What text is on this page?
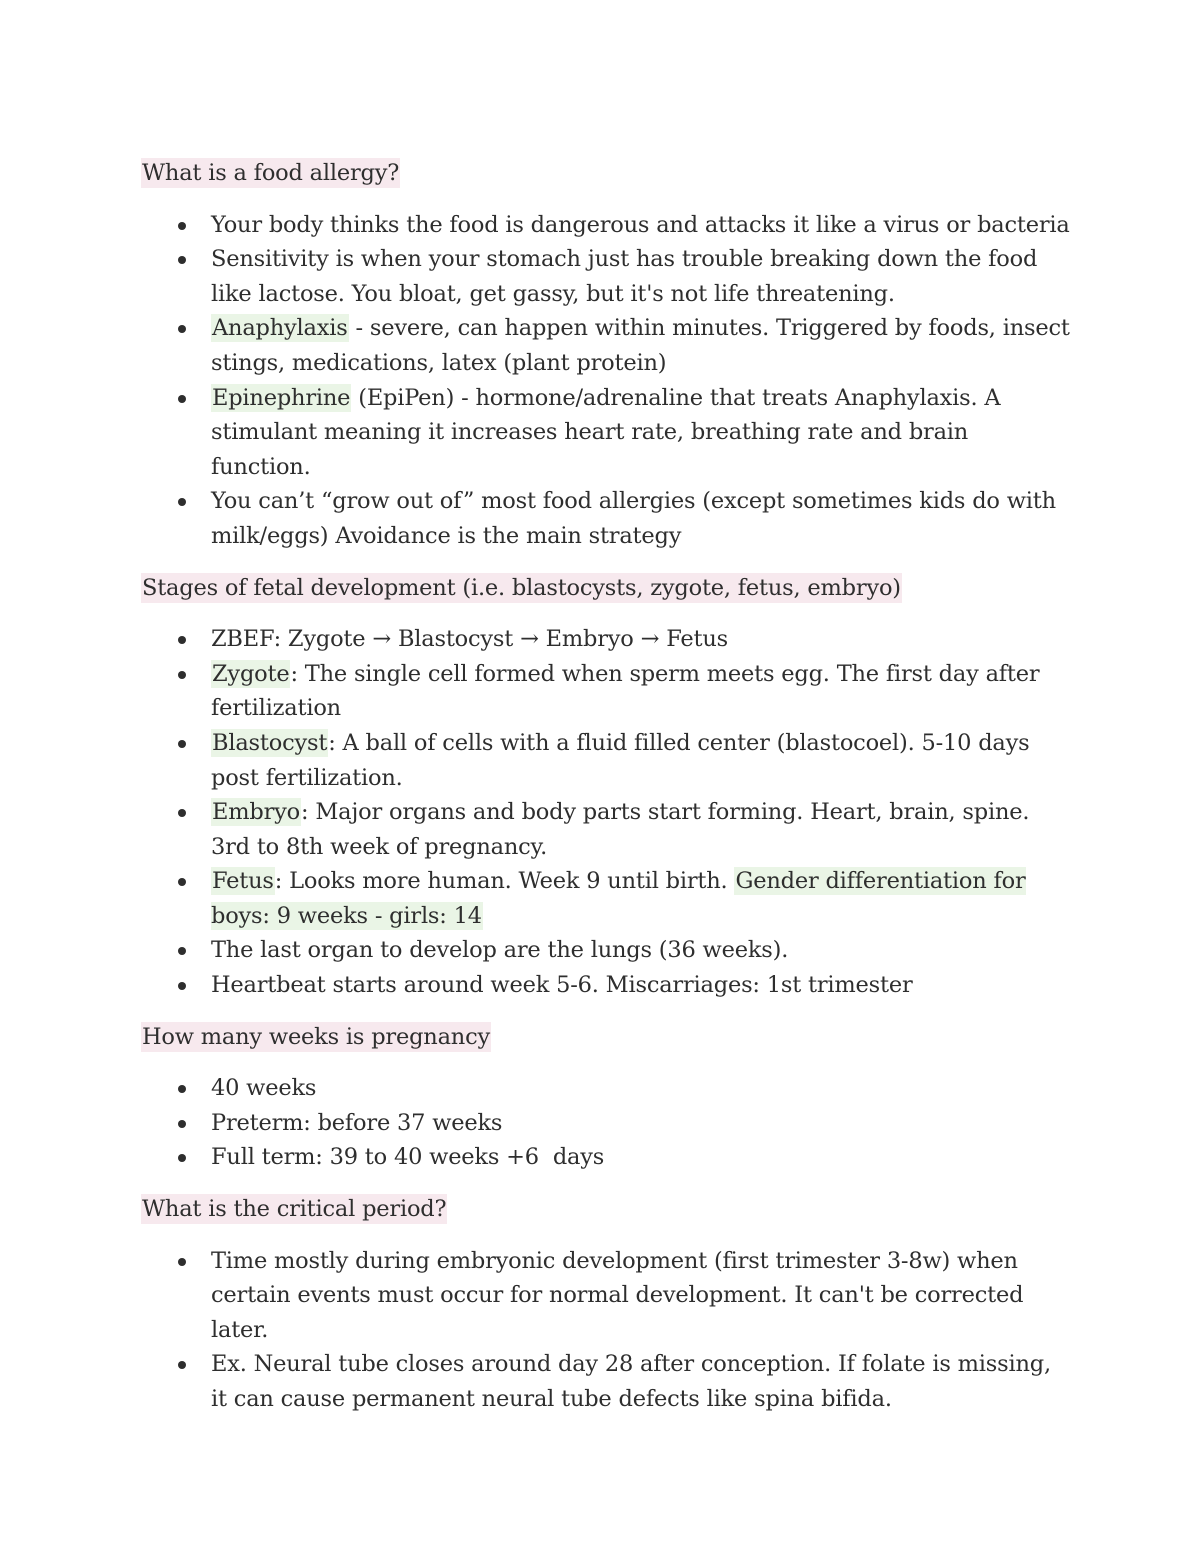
What is a food allergy?
Your body thinks the food is dangerous and attacks it like a virus or bacteria
Sensitivity is when your stomach just has trouble breaking down the food like lactose. You bloat, get gassy, but it's not life threatening.
Anaphylaxis - severe, can happen within minutes. Triggered by foods, insect stings, medications, latex (plant protein)
Epinephrine (EpiPen) - hormone/adrenaline that treats Anaphylaxis. A stimulant meaning it increases heart rate, breathing rate and brain function.
You can’t “grow out of” most food allergies (except sometimes kids do with milk/eggs) Avoidance is the main strategy
Stages of fetal development (i.e. blastocysts, zygote, fetus, embryo)
ZBEF: Zygote → Blastocyst → Embryo → Fetus
Zygote: The single cell formed when sperm meets egg. The first day after fertilization
Blastocyst: A ball of cells with a fluid filled center (blastocoel). 5-10 days post fertilization.
Embryo: Major organs and body parts start forming. Heart, brain, spine. 3rd to 8th week of pregnancy.
Fetus: Looks more human. Week 9 until birth. Gender differentiation for boys: 9 weeks - girls: 14
The last organ to develop are the lungs (36 weeks).
Heartbeat starts around week 5-6. Miscarriages: 1st trimester
How many weeks is pregnancy
40 weeks
Preterm: before 37 weeks
Full term: 39 to 40 weeks +6  days
What is the critical period?
Time mostly during embryonic development (first trimester 3-8w) when certain events must occur for normal development. It can't be corrected later.
Ex. Neural tube closes around day 28 after conception. If folate is missing, it can cause permanent neural tube defects like spina bifida.
